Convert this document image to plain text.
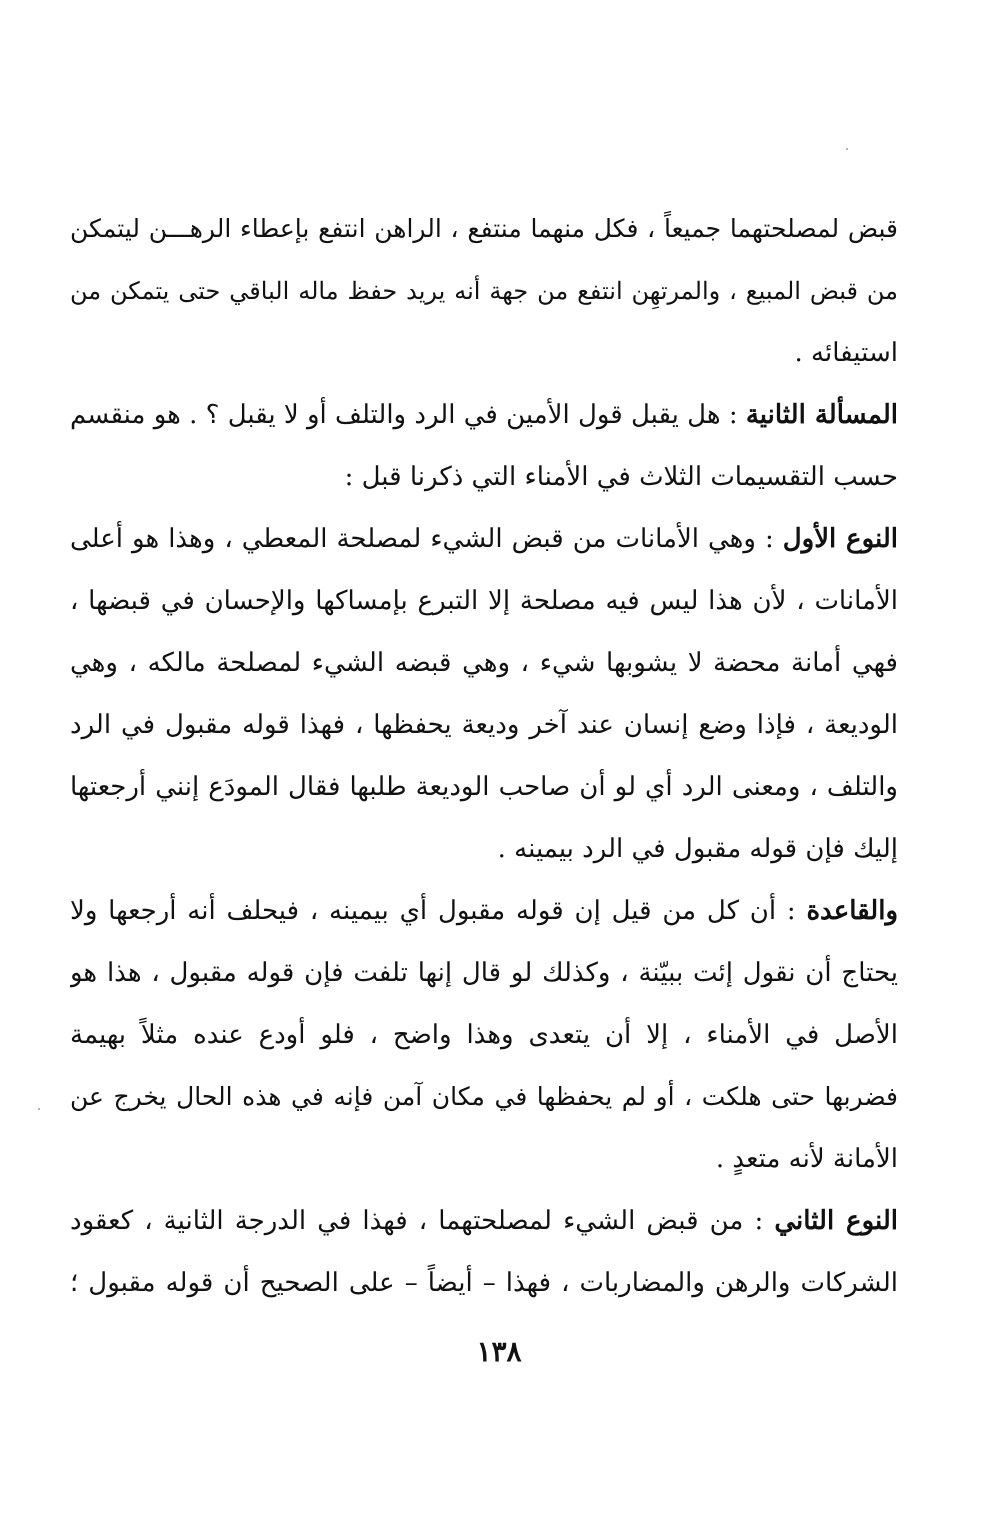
قبض لمصلحتهما جميعاً ، فكل منهما منتفع ، الراهن انتفع بإعطاء الرهـــن ليتمكن
من قبض المبيع ، والمرتهِن انتفع من جهة أنه يريد حفظ ماله الباقي حتى يتمكن من
استيفائه .
المسألة الثانية : هل يقبل قول الأمين في الرد والتلف أو لا يقبل ؟ . هو منقسم
حسب التقسيمات الثلاث في الأمناء التي ذكرنا قبل :
النوع الأول : وهي الأمانات من قبض الشيء لمصلحة المعطي ، وهذا هو أعلى
الأمانات ، لأن هذا ليس فيه مصلحة إلا التبرع بإمساكها والإحسان في قبضها ،
فهي أمانة محضة لا يشوبها شيء ، وهي قبضه الشيء لمصلحة مالكه ، وهي
الوديعة ، فإذا وضع إنسان عند آخر وديعة يحفظها ، فهذا قوله مقبول في الرد
والتلف ، ومعنى الرد أي لو أن صاحب الوديعة طلبها فقال المودَع إنني أرجعتها
إليك فإن قوله مقبول في الرد بيمينه .
والقاعدة : أن كل من قيل إن قوله مقبول أي بيمينه ، فيحلف أنه أرجعها ولا
يحتاج أن نقول إئت ببيّنة ، وكذلك لو قال إنها تلفت فإن قوله مقبول ، هذا هو
الأصل في الأمناء ، إلا أن يتعدى وهذا واضح ، فلو أودع عنده مثلاً بهيمة
فضربها حتى هلكت ، أو لم يحفظها في مكان آمن فإنه في هذه الحال يخرج عن
الأمانة لأنه متعدٍ .
النوع الثاني : من قبض الشيء لمصلحتهما ، فهذا في الدرجة الثانية ، كعقود
الشركات والرهن والمضاربات ، فهذا – أيضاً – على الصحيح أن قوله مقبول ؛
١٣٨
